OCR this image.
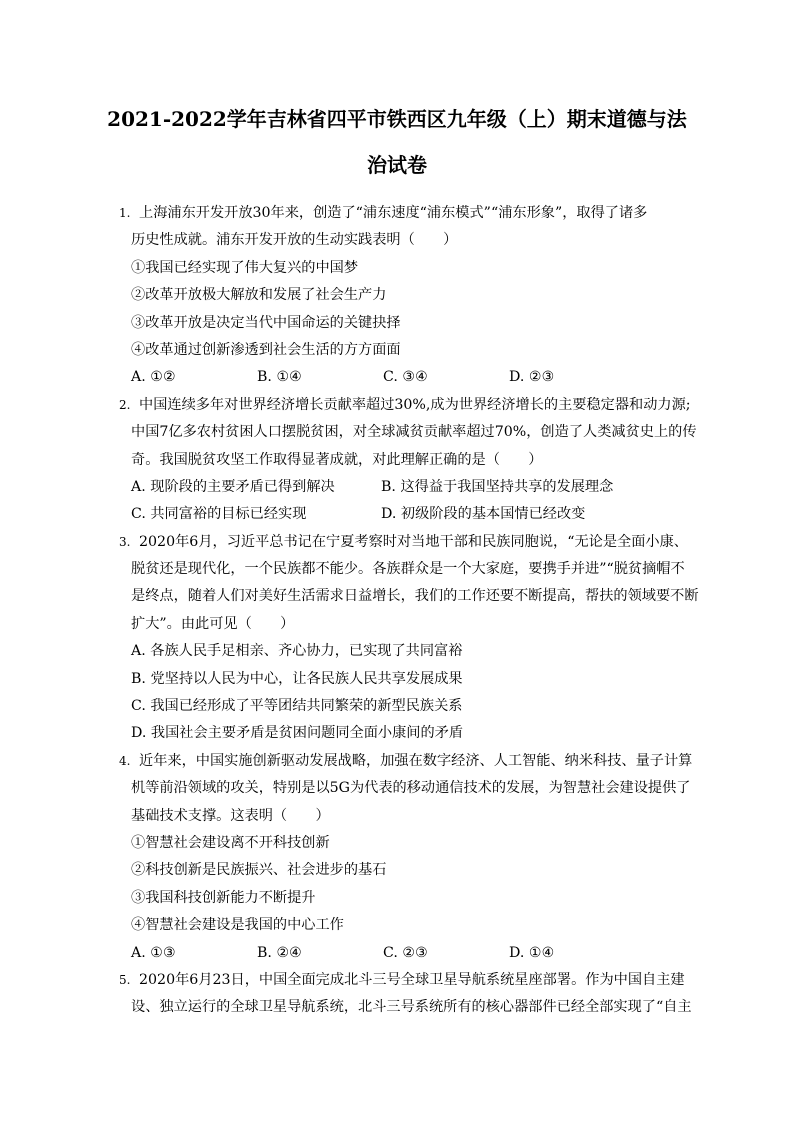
2021-2022学年吉林省四平市铁西区九年级（上）期末道德与法
治试卷
1. 上海浦东开发开放30年来，创造了“浦东速度“浦东模式”“浦东形象”，取得了诸多
历史性成就。浦东开发开放的生动实践表明（　　）
①我国已经实现了伟大复兴的中国梦
②改革开放极大解放和发展了社会生产力
③改革开放是决定当代中国命运的关键抉择
④改革通过创新渗透到社会生活的方方面面
A. ①②	B. ①④	C. ③④	D. ②③
2. 中国连续多年对世界经济增长贡献率超过30%,成为世界经济增长的主要稳定器和动力源;
中国7亿多农村贫困人口摆脱贫困，对全球减贫贡献率超过70%，创造了人类减贫史上的传
奇。我国脱贫攻坚工作取得显著成就，对此理解正确的是（　　）
A. 现阶段的主要矛盾已得到解决	B. 这得益于我国坚持共享的发展理念
C. 共同富裕的目标已经实现	D. 初级阶段的基本国情已经改变
3. 2020年6月，习近平总书记在宁夏考察时对当地干部和民族同胞说，“无论是全面小康、
脱贫还是现代化，一个民族都不能少。各族群众是一个大家庭，要携手并进”“脱贫摘帽不
是终点，随着人们对美好生活需求日益增长，我们的工作还要不断提高，帮扶的领域要不断
扩大”。由此可见（　　）
A. 各族人民手足相亲、齐心协力，已实现了共同富裕
B. 党坚持以人民为中心，让各民族人民共享发展成果
C. 我国已经形成了平等团结共同繁荣的新型民族关系
D. 我国社会主要矛盾是贫困问题同全面小康间的矛盾
4. 近年来，中国实施创新驱动发展战略，加强在数字经济、人工智能、纳米科技、量子计算
机等前沿领域的攻关，特别是以5G为代表的移动通信技术的发展，为智慧社会建设提供了
基础技术支撑。这表明（　　）
①智慧社会建设离不开科技创新
②科技创新是民族振兴、社会进步的基石
③我国科技创新能力不断提升
④智慧社会建设是我国的中心工作
A. ①③	B. ②④	C. ②③	D. ①④
5. 2020年6月23日，中国全面完成北斗三号全球卫星导航系统星座部署。作为中国自主建
设、独立运行的全球卫星导航系统，北斗三号系统所有的核心器部件已经全部实现了“自主
